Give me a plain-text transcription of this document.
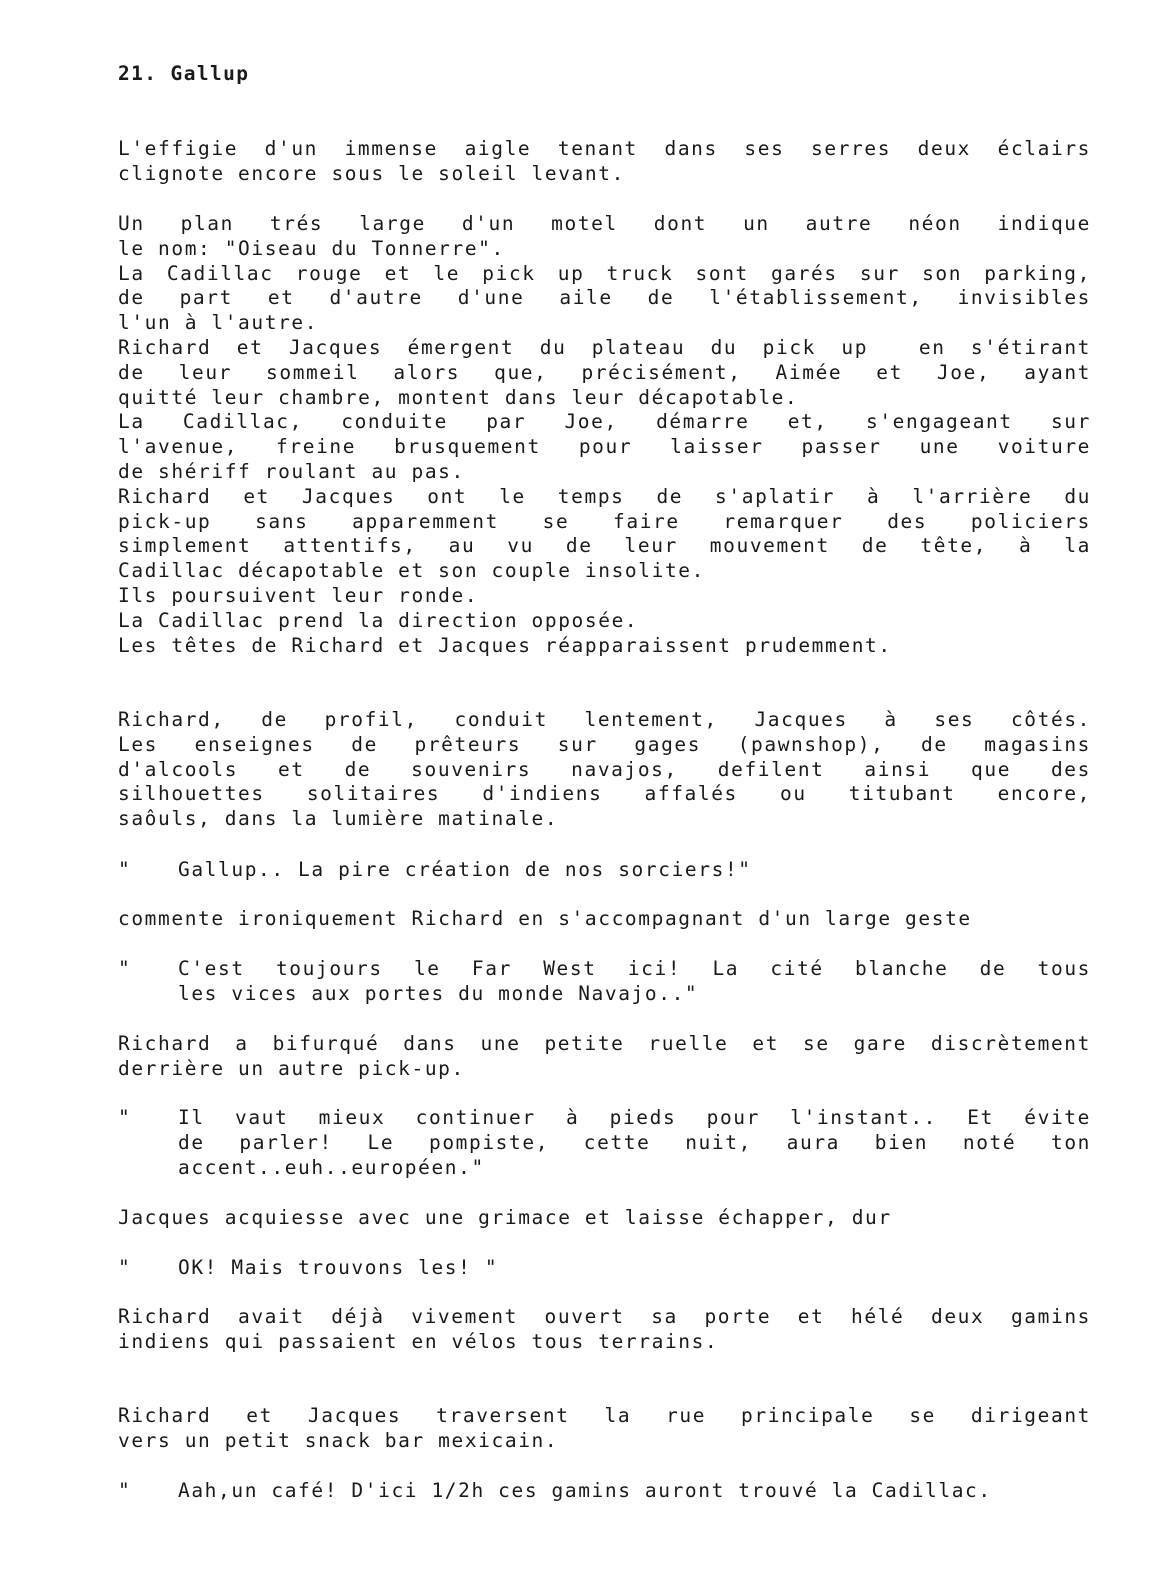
21. Gallup
L'effigie d'un immense aigle tenant dans ses serres deux éclairs
clignote encore sous le soleil levant.
Un plan trés large d'un motel dont un autre néon indique
le nom: "Oiseau du Tonnerre".
La Cadillac rouge et le pick up truck sont garés sur son parking,
de part et d'autre d'une aile de l'établissement, invisibles
l'un à l'autre.
Richard et Jacques émergent du plateau du pick up  en s'étirant
de leur sommeil alors que, précisément, Aimée et Joe, ayant
quitté leur chambre, montent dans leur décapotable.
La Cadillac, conduite par Joe, démarre et, s'engageant sur
l'avenue, freine brusquement pour laisser passer une voiture
de shériff roulant au pas.
Richard et Jacques ont le temps de s'aplatir à l'arrière du
pick-up sans apparemment se faire remarquer des policiers
simplement attentifs, au vu de leur mouvement de tête, à la
Cadillac décapotable et son couple insolite.
Ils poursuivent leur ronde.
La Cadillac prend la direction opposée.
Les têtes de Richard et Jacques réapparaissent prudemment.
Richard, de profil, conduit lentement, Jacques à ses côtés.
Les enseignes de prêteurs sur gages (pawnshop), de magasins
d'alcools et de souvenirs navajos, defilent ainsi que des
silhouettes solitaires d'indiens affalés ou titubant encore,
saôuls, dans la lumière matinale.
" Gallup.. La pire création de nos sorciers!"
commente ironiquement Richard en s'accompagnant d'un large geste
" C'est toujours le Far West ici! La cité blanche de tous
les vices aux portes du monde Navajo.."
Richard a bifurqué dans une petite ruelle et se gare discrètement
derrière un autre pick-up.
" Il vaut mieux continuer à pieds pour l'instant.. Et évite
de parler! Le pompiste, cette nuit, aura bien noté ton
accent..euh..européen."
Jacques acquiesse avec une grimace et laisse échapper, dur
" OK! Mais trouvons les! "
Richard avait déjà vivement ouvert sa porte et hélé deux gamins
indiens qui passaient en vélos tous terrains.
Richard et Jacques traversent la rue principale se dirigeant
vers un petit snack bar mexicain.
" Aah,un café! D'ici 1/2h ces gamins auront trouvé la Cadillac.
